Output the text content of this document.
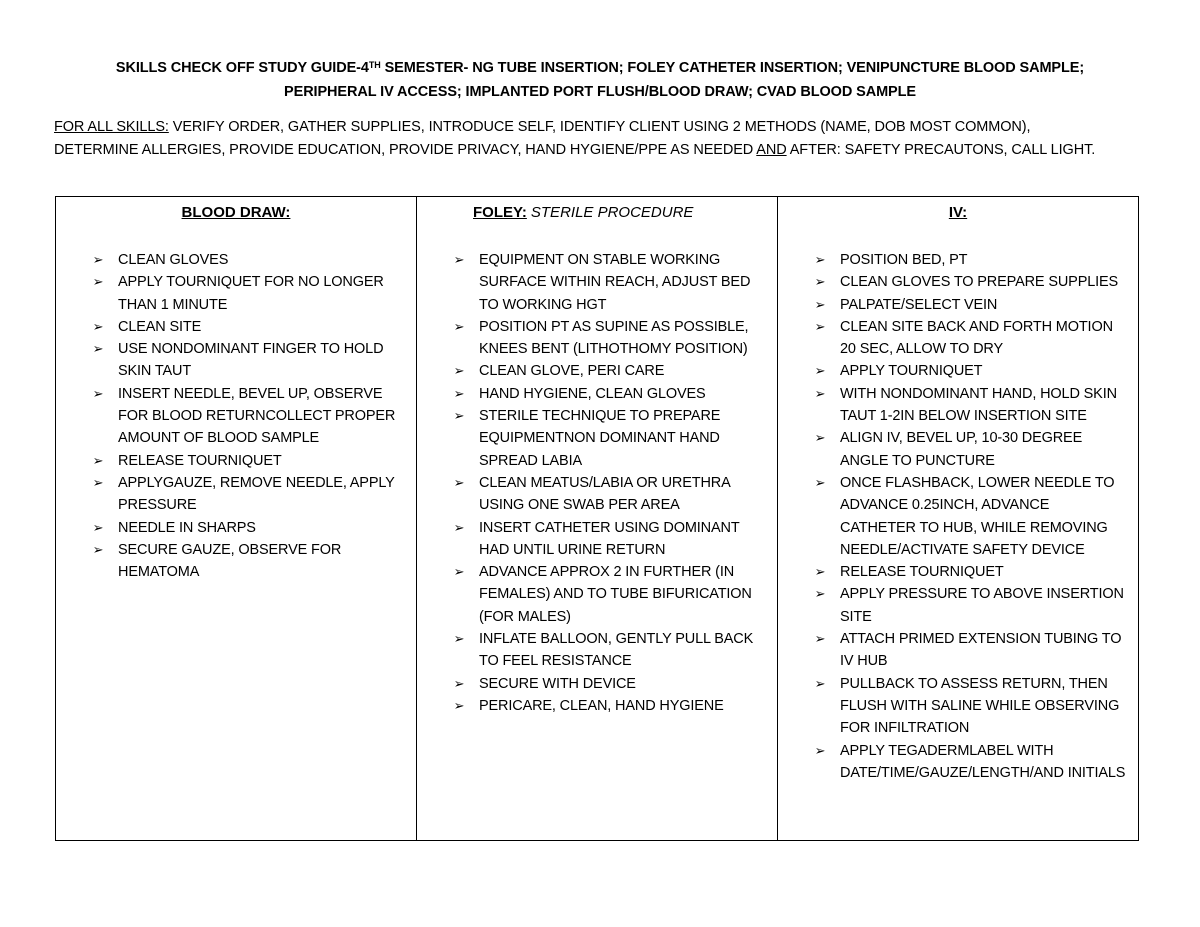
SKILLS CHECK OFF STUDY GUIDE-4TH SEMESTER- NG TUBE INSERTION; FOLEY CATHETER INSERTION; VENIPUNCTURE BLOOD SAMPLE;
PERIPHERAL IV ACCESS; IMPLANTED PORT FLUSH/BLOOD DRAW; CVAD BLOOD SAMPLE
FOR ALL SKILLS: VERIFY ORDER, GATHER SUPPLIES, INTRODUCE SELF, IDENTIFY CLIENT USING 2 METHODS (NAME, DOB MOST COMMON),
DETERMINE ALLERGIES, PROVIDE EDUCATION, PROVIDE PRIVACY, HAND HYGIENE/PPE AS NEEDED AND AFTER: SAFETY PRECAUTONS, CALL LIGHT.
BLOOD DRAW:
➢ CLEAN GLOVES
➢ APPLY TOURNIQUET FOR NO LONGER THAN 1 MINUTE
➢ CLEAN SITE
➢ USE NONDOMINANT FINGER TO HOLD SKIN TAUT
➢ INSERT NEEDLE, BEVEL UP, OBSERVE FOR BLOOD RETURNCOLLECT PROPER AMOUNT OF BLOOD SAMPLE
➢ RELEASE TOURNIQUET
➢ APPLYGAUZE, REMOVE NEEDLE, APPLY PRESSURE
➢ NEEDLE IN SHARPS
➢ SECURE GAUZE, OBSERVE FOR HEMATOMA
FOLEY: STERILE PROCEDURE
➢ EQUIPMENT ON STABLE WORKING SURFACE WITHIN REACH, ADJUST BED TO WORKING HGT
➢ POSITION PT AS SUPINE AS POSSIBLE, KNEES BENT (LITHOTHOMY POSITION)
➢ CLEAN GLOVE, PERI CARE
➢ HAND HYGIENE, CLEAN GLOVES
➢ STERILE TECHNIQUE TO PREPARE EQUIPMENTNON DOMINANT HAND SPREAD LABIA
➢ CLEAN MEATUS/LABIA OR URETHRA USING ONE SWAB PER AREA
➢ INSERT CATHETER USING DOMINANT HAD UNTIL URINE RETURN
➢ ADVANCE APPROX 2 IN FURTHER (IN FEMALES) AND TO TUBE BIFURICATION (FOR MALES)
➢ INFLATE BALLOON, GENTLY PULL BACK TO FEEL RESISTANCE
➢ SECURE WITH DEVICE
➢ PERICARE, CLEAN, HAND HYGIENE
IV:
➢ POSITION BED, PT
➢ CLEAN GLOVES TO PREPARE SUPPLIES
➢ PALPATE/SELECT VEIN
➢ CLEAN SITE BACK AND FORTH MOTION 20 SEC, ALLOW TO DRY
➢ APPLY TOURNIQUET
➢ WITH NONDOMINANT HAND, HOLD SKIN TAUT 1-2IN BELOW INSERTION SITE
➢ ALIGN IV, BEVEL UP, 10-30 DEGREE ANGLE TO PUNCTURE
➢ ONCE FLASHBACK, LOWER NEEDLE TO ADVANCE 0.25INCH, ADVANCE CATHETER TO HUB, WHILE REMOVING NEEDLE/ACTIVATE SAFETY DEVICE
➢ RELEASE TOURNIQUET
➢ APPLY PRESSURE TO ABOVE INSERTION SITE
➢ ATTACH PRIMED EXTENSION TUBING TO IV HUB
➢ PULLBACK TO ASSESS RETURN, THEN FLUSH WITH SALINE WHILE OBSERVING FOR INFILTRATION
➢ APPLY TEGADERMLABEL WITH DATE/TIME/GAUZE/LENGTH/AND INITIALS
